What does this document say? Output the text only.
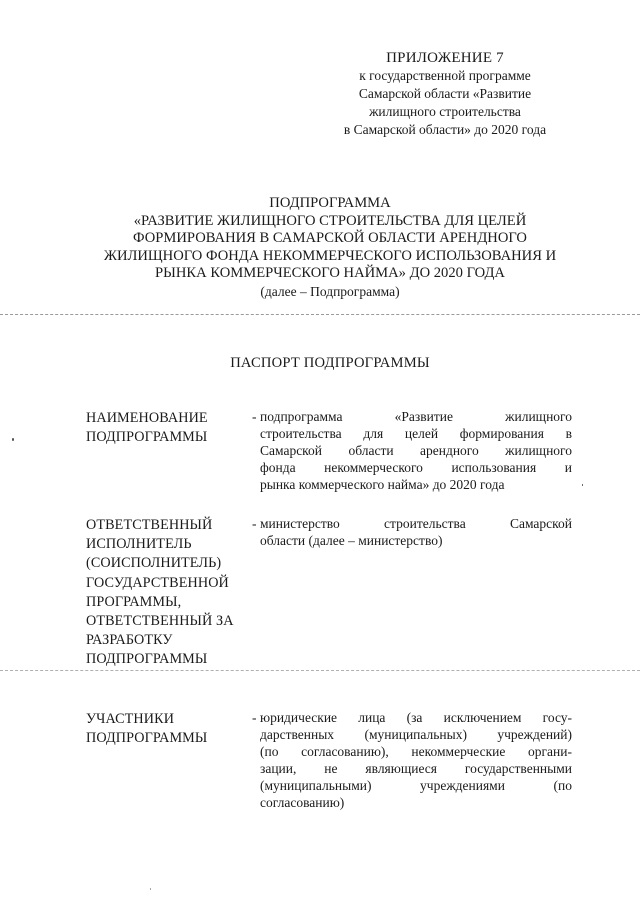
ПРИЛОЖЕНИЕ 7
к государственной программе
Самарской области «Развитие
жилищного строительства
в Самарской области» до 2020 года
ПОДПРОГРАММА
«РАЗВИТИЕ ЖИЛИЩНОГО СТРОИТЕЛЬСТВА ДЛЯ ЦЕЛЕЙ
ФОРМИРОВАНИЯ В САМАРСКОЙ ОБЛАСТИ АРЕНДНОГО
ЖИЛИЩНОГО ФОНДА НЕКОММЕРЧЕСКОГО ИСПОЛЬЗОВАНИЯ И
РЫНКА КОММЕРЧЕСКОГО НАЙМА» ДО 2020 ГОДА
(далее – Подпрограмма)
ПАСПОРТ ПОДПРОГРАММЫ
НАИМЕНОВАНИЕ
ПОДПРОГРАММЫ
- подпрограмма «Развитие жилищного
строительства для целей формирования в
Самарской области арендного жилищного
фонда некоммерческого использования и
рынка коммерческого найма» до 2020 года
ОТВЕТСТВЕННЫЙ
ИСПОЛНИТЕЛЬ
(СОИСПОЛНИТЕЛЬ)
ГОСУДАРСТВЕННОЙ
ПРОГРАММЫ,
ОТВЕТСТВЕННЫЙ ЗА
РАЗРАБОТКУ
ПОДПРОГРАММЫ
- министерство строительства Самарской
области (далее – министерство)
УЧАСТНИКИ
ПОДПРОГРАММЫ
- юридические лица (за исключением госу-
дарственных (муниципальных) учреждений)
(по согласованию), некоммерческие органи-
зации, не являющиеся государственными
(муниципальными) учреждениями (по
согласованию)
